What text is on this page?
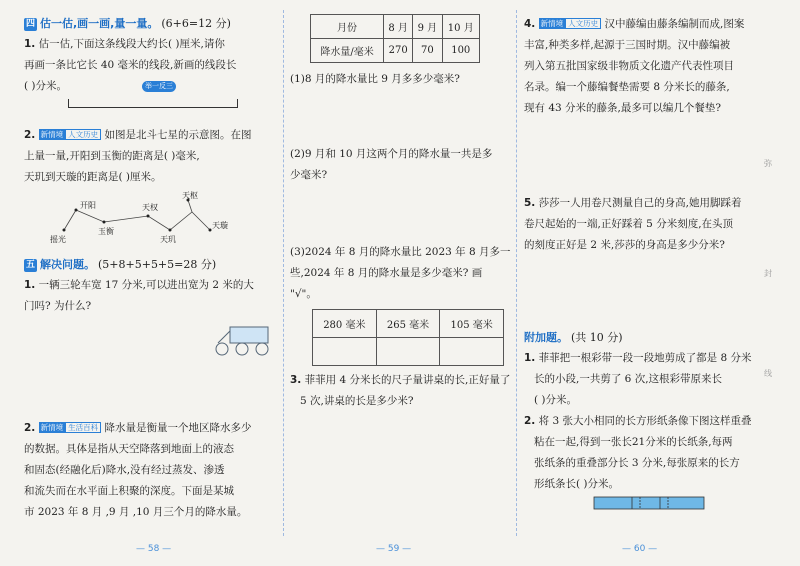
四 估一估,画一画,量一量。 (6+6=12 分)
1. 估一估,下面这条线段大约长( )厘米,请你
再画一条比它长 40 毫米的线段,新画的线段长
( )分米。	举一反三
2. 新情境 人文历史 如图是北斗七星的示意图。在图
上量一量,开阳到玉衡的距离是( )毫米,
天玑到天璇的距离是( )厘米。
开阳
玉衡
天权
天枢
摇光	天玑
天璇
五 解决问题。 (5+8+5+5+5=28 分)
1. 一辆三轮车宽 17 分米,可以进出宽为 2 米的大
门吗? 为什么?
2. 新情境 生活百科 降水量是衡量一个地区降水多少
的数据。具体是指从天空降落到地面上的液态
和固态(经融化后)降水,没有经过蒸发、渗透
和流失而在水平面上积聚的深度。下面是某城
市 2023 年 8 月 ,9 月 ,10 月三个月的降水量。
月份	8 月	9 月	10 月
降水量/毫米	270	70	100
(1)8 月的降水量比 9 月多多少毫米?
(2)9 月和 10 月这两个月的降水量一共是多
少毫米?
(3)2024 年 8 月的降水量比 2023 年 8 月多一
些,2024 年 8 月的降水量是多少毫米? 画
"√"。
280 毫米	265 毫米	105 毫米

3. 菲菲用 4 分米长的尺子量讲桌的长,正好量了
5 次,讲桌的长是多少米?
4. 新情境 人文历史 汉中藤编由藤条编制而成,图案
丰富,种类多样,起源于三国时期。汉中藤编被
列入第五批国家级非物质文化遗产代表性项目
名录。编一个藤编餐垫需要 8 分米长的藤条,
现有 43 分米的藤条,最多可以编几个餐垫?
5. 莎莎一人用卷尺测量自己的身高,她用脚踩着
卷尺起始的一端,正好踩着 5 分米刻度,在头顶
的刻度正好是 2 米,莎莎的身高是多少分米?
附加题。 (共 10 分)
1. 菲菲把一根彩带一段一段地剪成了都是 8 分米
长的小段,一共剪了 6 次,这根彩带原来长
( )分米。
2. 将 3 张大小相同的长方形纸条像下图这样重叠
粘在一起,得到一张长21分米的长纸条,每两
张纸条的重叠部分长 3 分米,每张原来的长方
形纸条长( )分米。
弥
封
线
— 58 —	— 59 —	— 60 —
